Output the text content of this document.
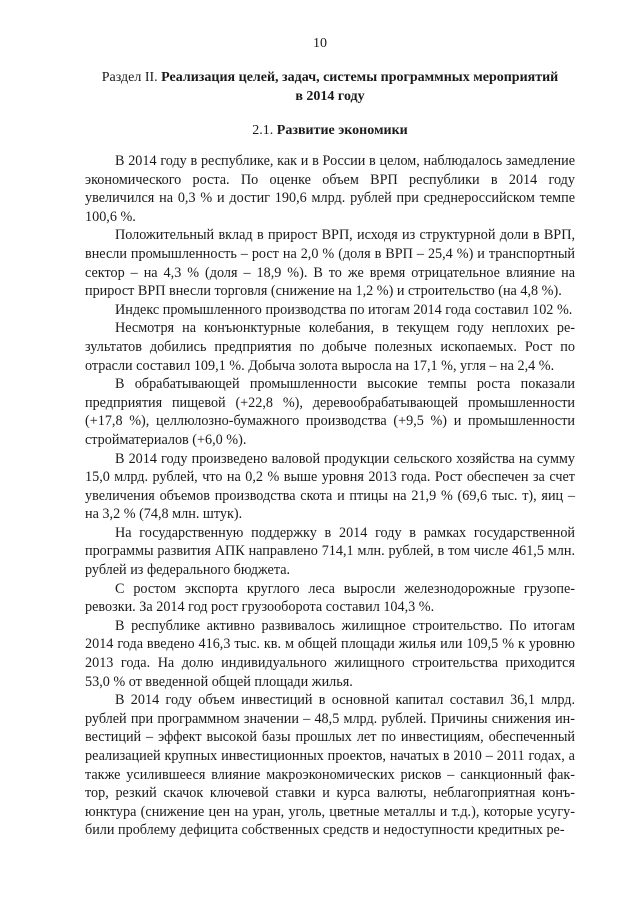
10
Раздел II. Реализация целей, задач, системы программных мероприятий в 2014 году
2.1. Развитие экономики

В 2014 году в республике, как и в России в целом, наблюдалось замедление экономического роста. По оценке объем ВРП республики в 2014 году увеличился на 0,3 % и достиг 190,6 млрд. рублей при среднероссийском темпе 100,6 %.

Положительный вклад в прирост ВРП, исходя из структурной доли в ВРП, внесли промышленность – рост на 2,0 % (доля в ВРП – 25,4 %) и транспортный сектор – на 4,3 % (доля – 18,9 %). В то же время отрицательное влияние на прирост ВРП внесли торговля (снижение на 1,2 %) и строительство (на 4,8 %).

Индекс промышленного производства по итогам 2014 года составил 102 %.

Несмотря на конъюнктурные колебания, в текущем году неплохих результатов добились предприятия по добыче полезных ископаемых. Рост по отрасли составил 109,1 %. Добыча золота выросла на 17,1 %, угля – на 2,4 %.

В обрабатывающей промышленности высокие темпы роста показали предприятия пищевой (+22,8 %), деревообрабатывающей промышленности (+17,8 %), целлюлозно-бумажного производства (+9,5 %) и промышленности стройматериалов (+6,0 %).

В 2014 году произведено валовой продукции сельского хозяйства на сумму 15,0 млрд. рублей, что на 0,2 % выше уровня 2013 года. Рост обеспечен за счет увеличения объемов производства скота и птицы на 21,9 % (69,6 тыс. т), яиц – на 3,2 % (74,8 млн. штук).

На государственную поддержку в 2014 году в рамках государственной программы развития АПК направлено 714,1 млн. рублей, в том числе 461,5 млн. рублей из федерального бюджета.

С ростом экспорта круглого леса выросли железнодорожные грузоперевозки. За 2014 год рост грузооборота составил 104,3 %.

В республике активно развивалось жилищное строительство. По итогам 2014 года введено 416,3 тыс. кв. м общей площади жилья или 109,5 % к уровню 2013 года. На долю индивидуального жилищного строительства приходится 53,0 % от введенной общей площади жилья.

В 2014 году объем инвестиций в основной капитал составил 36,1 млрд. рублей при программном значении – 48,5 млрд. рублей. Причины снижения инвестиций – эффект высокой базы прошлых лет по инвестициям, обеспеченный реализацией крупных инвестиционных проектов, начатых в 2010 – 2011 годах, а также усилившееся влияние макроэкономических рисков – санкционный фактор, резкий скачок ключевой ставки и курса валюты, неблагоприятная конъюнктура (снижение цен на уран, уголь, цветные металлы и т.д.), которые усугубили проблему дефицита собственных средств и недоступности кредитных ре-
